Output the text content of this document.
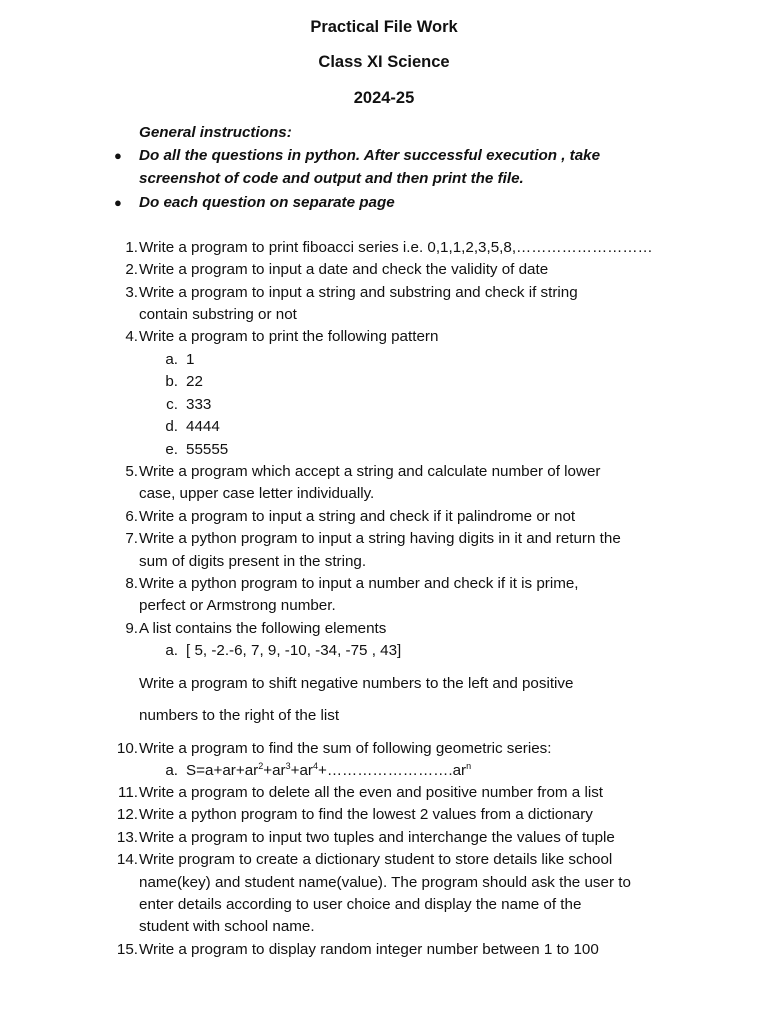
Practical File Work
Class XI Science
2024-25
General instructions:
● Do all the questions in python. After successful execution , take
screenshot of code and output and then print the file.
● Do each question on separate page
1. Write a program to print fiboacci series i.e. 0,1,1,2,3,5,8,………………………
2. Write a program to input a date and check the validity of date
3. Write a program to input a string and substring and check if string
contain substring or not
4. Write a program to print the following pattern
a. 1
b. 22
c. 333
d. 4444
e. 55555
5. Write a program which accept a string and calculate number of lower
case, upper case letter individually.
6. Write a program to input a string and check if it palindrome or not
7. Write a python program to input a string having digits in it and return the
sum of digits present in the string.
8. Write a python program to input a number and check if it is prime,
perfect or Armstrong number.
9. A list contains the following elements
a. [ 5, -2.-6, 7, 9, -10, -34, -75 , 43]
Write a program to shift negative numbers to the left and positive
numbers to the right of the list
10. Write a program to find the sum of following geometric series:
a. $S=a+ar+ar^2+ar^3+ar^4+\dots\dots\dots\dots\dots\dots\dots\dots.ar^n$
11. Write a program to delete all the even and positive number from a list
12. Write a python program to find the lowest 2 values from a dictionary
13. Write a program to input two tuples and interchange the values of tuple
14. Write program to create a dictionary student to store details like school
name(key) and student name(value). The program should ask the user to
enter details according to user choice and display the name of the
student with school name.
15. Write a program to display random integer number between 1 to 100
